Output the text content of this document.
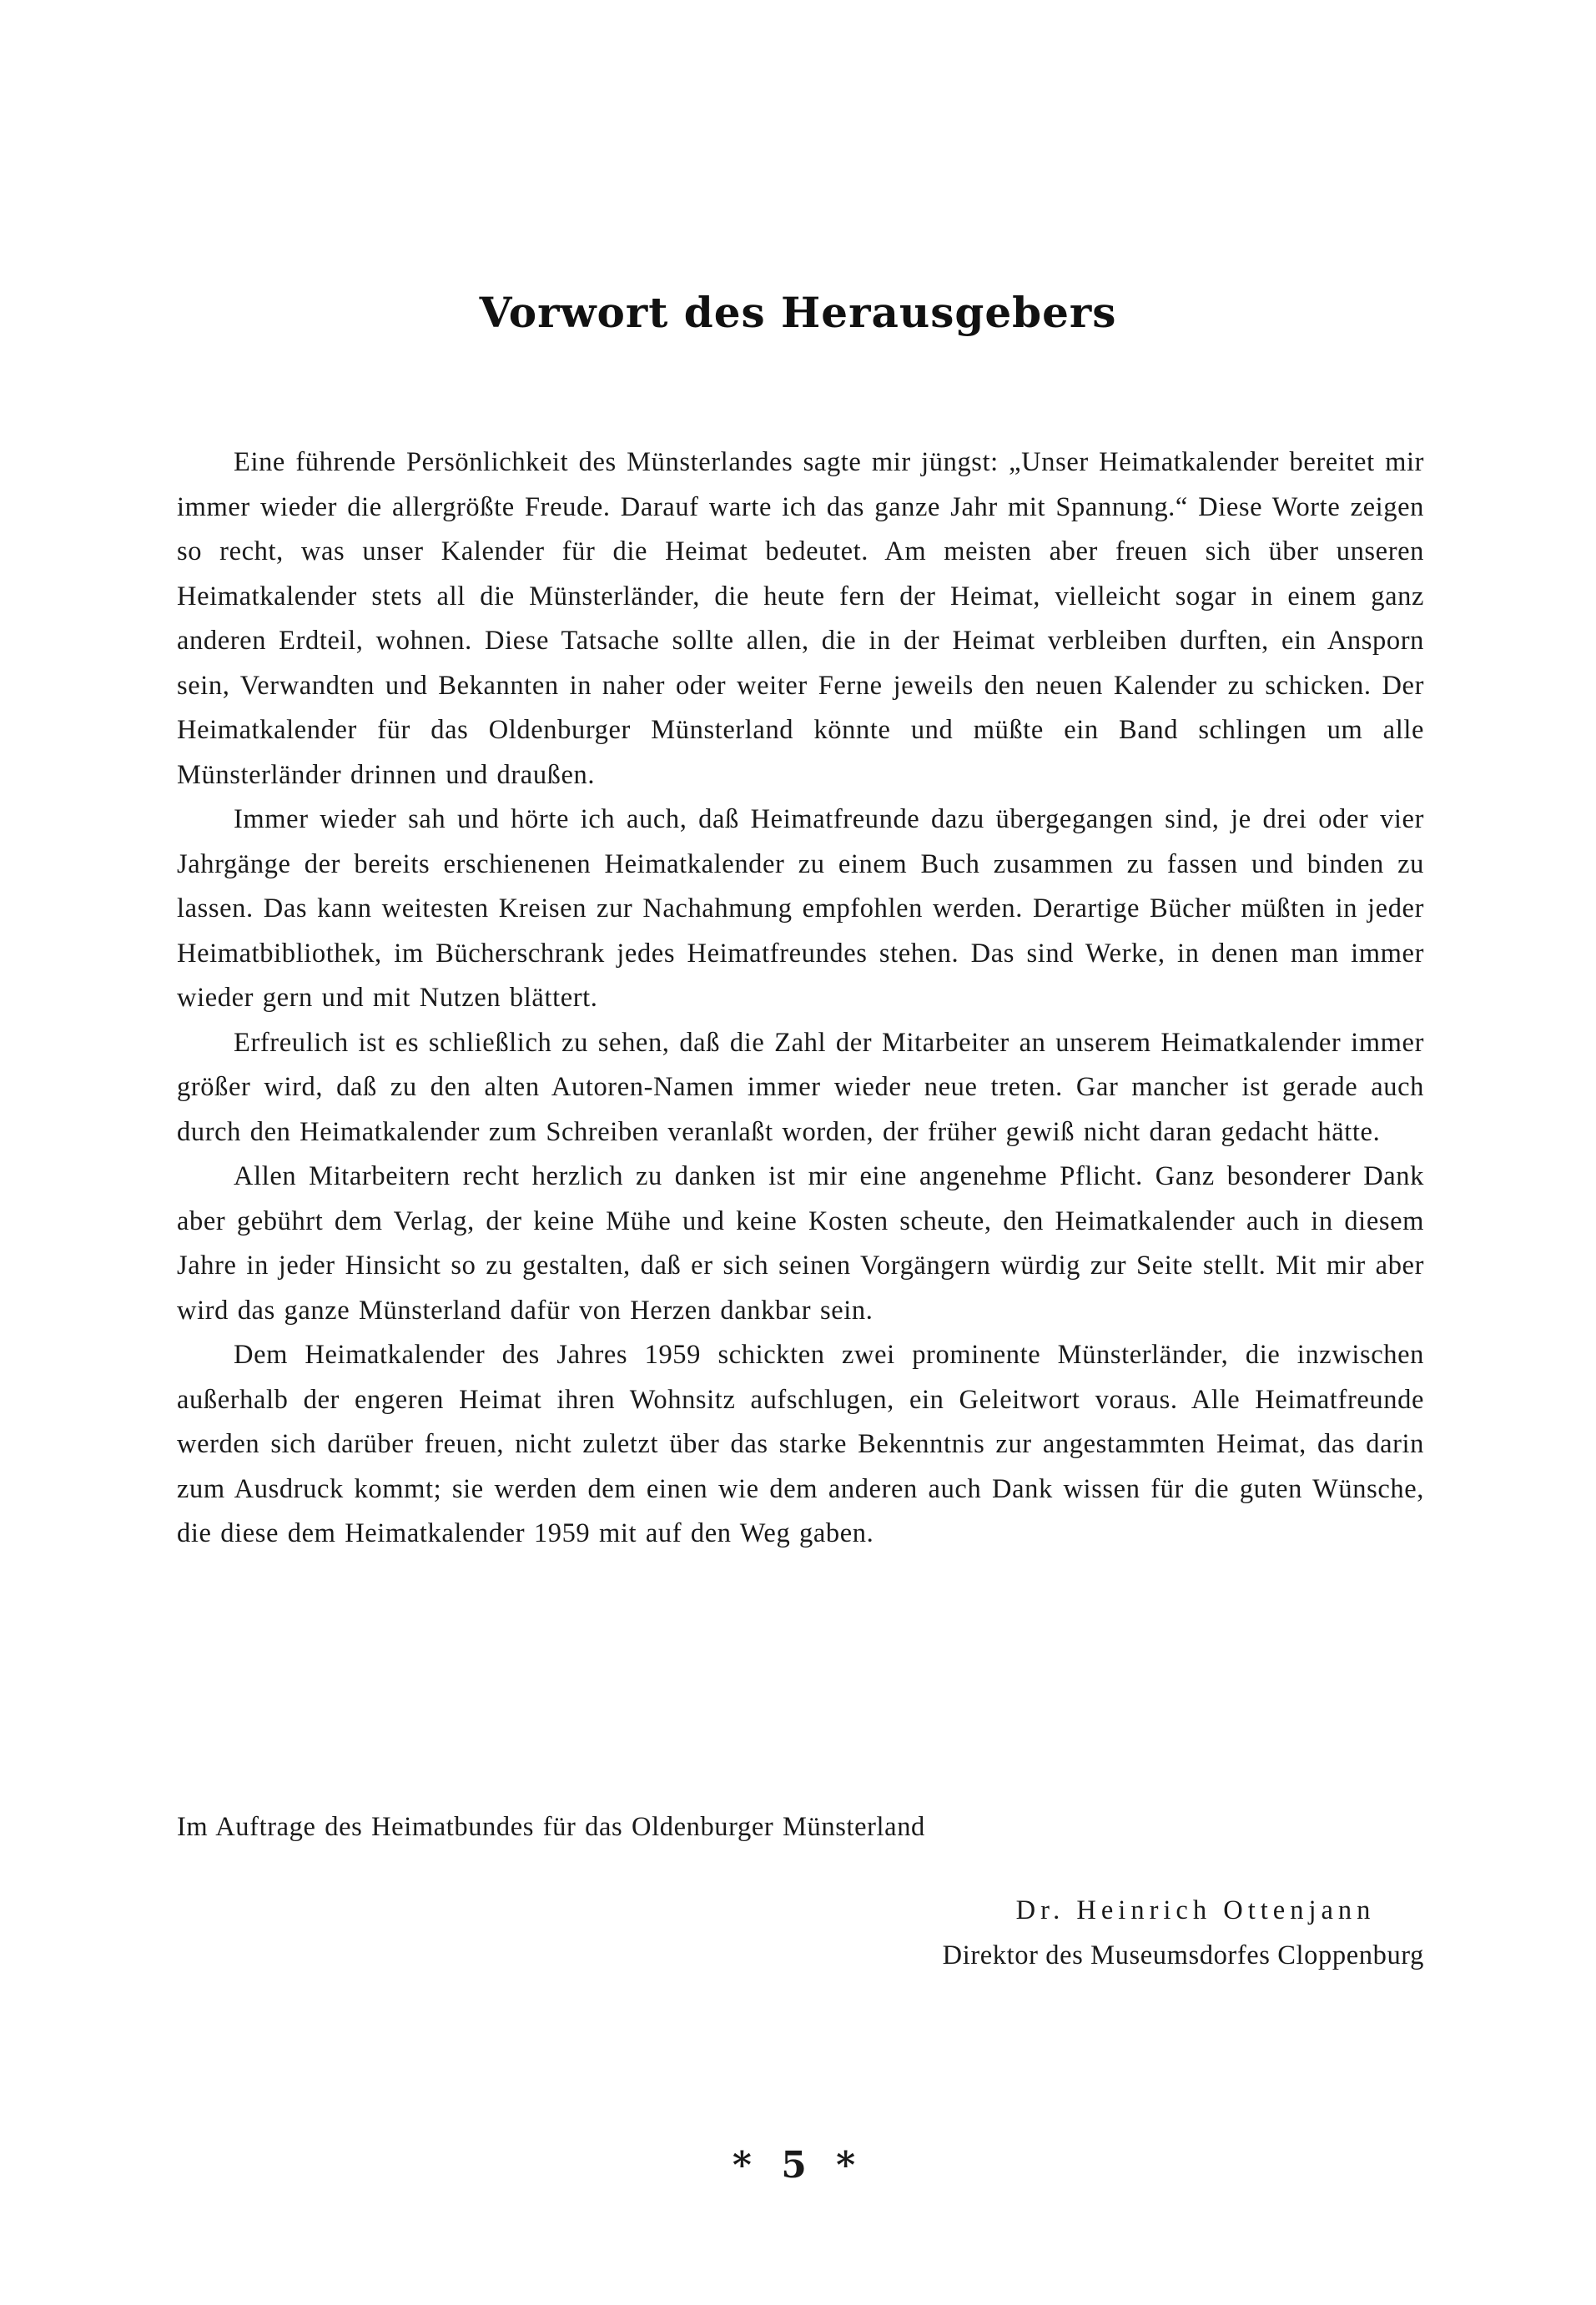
Vorwort des Herausgebers

Eine führende Persönlichkeit des Münsterlandes sagte mir jüngst: „Unser Heimatkalender bereitet mir immer wieder die allergrößte Freude. Darauf warte ich das ganze Jahr mit Spannung.“ Diese Worte zeigen so recht, was unser Kalender für die Heimat bedeutet. Am meisten aber freuen sich über unseren Heimatkalender stets all die Münsterländer, die heute fern der Heimat, vielleicht sogar in einem ganz anderen Erdteil, wohnen. Diese Tatsache sollte allen, die in der Heimat verbleiben durften, ein Ansporn sein, Verwandten und Bekannten in naher oder weiter Ferne jeweils den neuen Kalender zu schicken. Der Heimatkalender für das Oldenburger Münsterland könnte und müßte ein Band schlingen um alle Münsterländer drinnen und draußen.

Immer wieder sah und hörte ich auch, daß Heimatfreunde dazu übergegangen sind, je drei oder vier Jahrgänge der bereits erschienenen Heimatkalender zu einem Buch zusammen zu fassen und binden zu lassen. Das kann weitesten Kreisen zur Nachahmung empfohlen werden. Derartige Bücher müßten in jeder Heimatbibliothek, im Bücherschrank jedes Heimatfreundes stehen. Das sind Werke, in denen man immer wieder gern und mit Nutzen blättert.

Erfreulich ist es schließlich zu sehen, daß die Zahl der Mitarbeiter an unserem Heimatkalender immer größer wird, daß zu den alten Autoren-Namen immer wieder neue treten. Gar mancher ist gerade auch durch den Heimatkalender zum Schreiben veranlaßt worden, der früher gewiß nicht daran gedacht hätte.

Allen Mitarbeitern recht herzlich zu danken ist mir eine angenehme Pflicht. Ganz besonderer Dank aber gebührt dem Verlag, der keine Mühe und keine Kosten scheute, den Heimatkalender auch in diesem Jahre in jeder Hinsicht so zu gestalten, daß er sich seinen Vorgängern würdig zur Seite stellt. Mit mir aber wird das ganze Münsterland dafür von Herzen dankbar sein.

Dem Heimatkalender des Jahres 1959 schickten zwei prominente Münsterländer, die inzwischen außerhalb der engeren Heimat ihren Wohnsitz aufschlugen, ein Geleitwort voraus. Alle Heimatfreunde werden sich darüber freuen, nicht zuletzt über das starke Bekenntnis zur angestammten Heimat, das darin zum Ausdruck kommt; sie werden dem einen wie dem anderen auch Dank wissen für die guten Wünsche, die diese dem Heimatkalender 1959 mit auf den Weg gaben.

Im Auftrage des Heimatbundes für das Oldenburger Münsterland

Dr. Heinrich Ottenjann
Direktor des Museumsdorfes Cloppenburg
* 5 *
